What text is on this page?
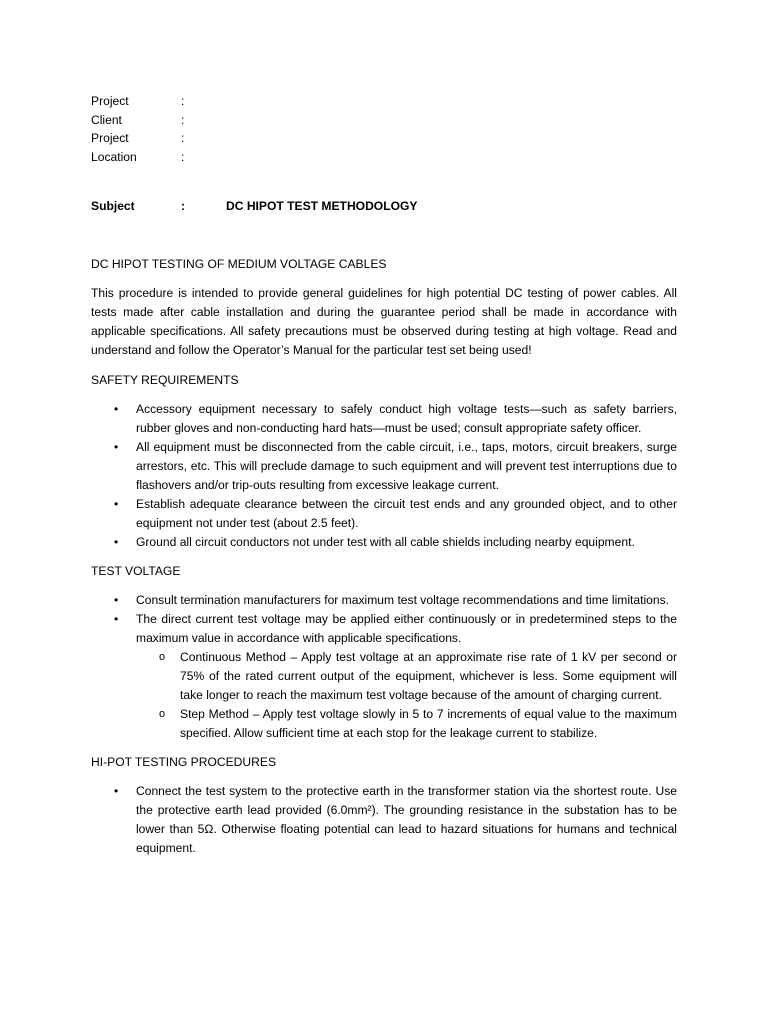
Project	:
Client	:
Project	:
Location	:
Subject	:	DC HIPOT TEST METHODOLOGY

DC HIPOT TESTING OF MEDIUM VOLTAGE CABLES

This procedure is intended to provide general guidelines for high potential DC testing of power cables. All tests made after cable installation and during the guarantee period shall be made in accordance with applicable specifications. All safety precautions must be observed during testing at high voltage. Read and understand and follow the Operator’s Manual for the particular test set being used!

SAFETY REQUIREMENTS

• Accessory equipment necessary to safely conduct high voltage tests—such as safety barriers, rubber gloves and non-conducting hard hats—must be used; consult appropriate safety officer.
• All equipment must be disconnected from the cable circuit, i.e., taps, motors, circuit breakers, surge arrestors, etc. This will preclude damage to such equipment and will prevent test interruptions due to flashovers and/or trip-outs resulting from excessive leakage current.
• Establish adequate clearance between the circuit test ends and any grounded object, and to other equipment not under test (about 2.5 feet).
• Ground all circuit conductors not under test with all cable shields including nearby equipment.

TEST VOLTAGE

• Consult termination manufacturers for maximum test voltage recommendations and time limitations.
• The direct current test voltage may be applied either continuously or in predetermined steps to the maximum value in accordance with applicable specifications.
o Continuous Method – Apply test voltage at an approximate rise rate of 1 kV per second or 75% of the rated current output of the equipment, whichever is less. Some equipment will take longer to reach the maximum test voltage because of the amount of charging current.
o Step Method – Apply test voltage slowly in 5 to 7 increments of equal value to the maximum specified. Allow sufficient time at each stop for the leakage current to stabilize.

HI-POT TESTING PROCEDURES

• Connect the test system to the protective earth in the transformer station via the shortest route. Use the protective earth lead provided (6.0mm²). The grounding resistance in the substation has to be lower than 5Ω. Otherwise floating potential can lead to hazard situations for humans and technical equipment.
